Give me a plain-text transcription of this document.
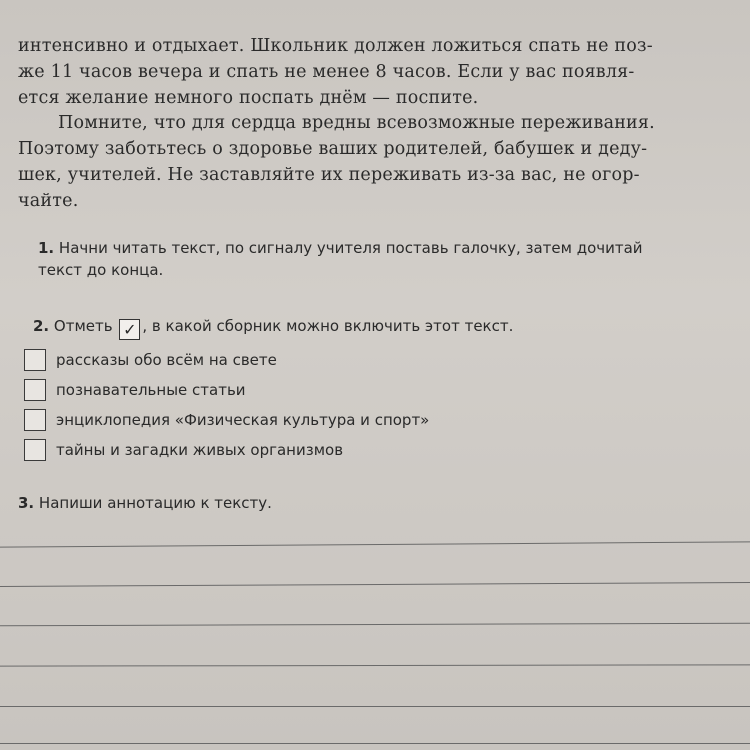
интенсивно и отдыхает. Школьник должен ложиться спать не поз-
же 11 часов вечера и спать не менее 8 часов. Если у вас появля-
ется желание немного поспать днём — поспите.
Помните, что для сердца вредны всевозможные переживания.
Поэтому заботьтесь о здоровье ваших родителей, бабушек и деду-
шек, учителей. Не заставляйте их переживать из-за вас, не огор-
чайте.
1. Начни читать текст, по сигналу учителя поставь галочку, затем дочитай
текст до конца.
2. Отметь ✓ , в какой сборник можно включить этот текст.
рассказы обо всём на свете
познавательные статьи
энциклопедия «Физическая культура и спорт»
тайны и загадки живых организмов
3. Напиши аннотацию к тексту.
